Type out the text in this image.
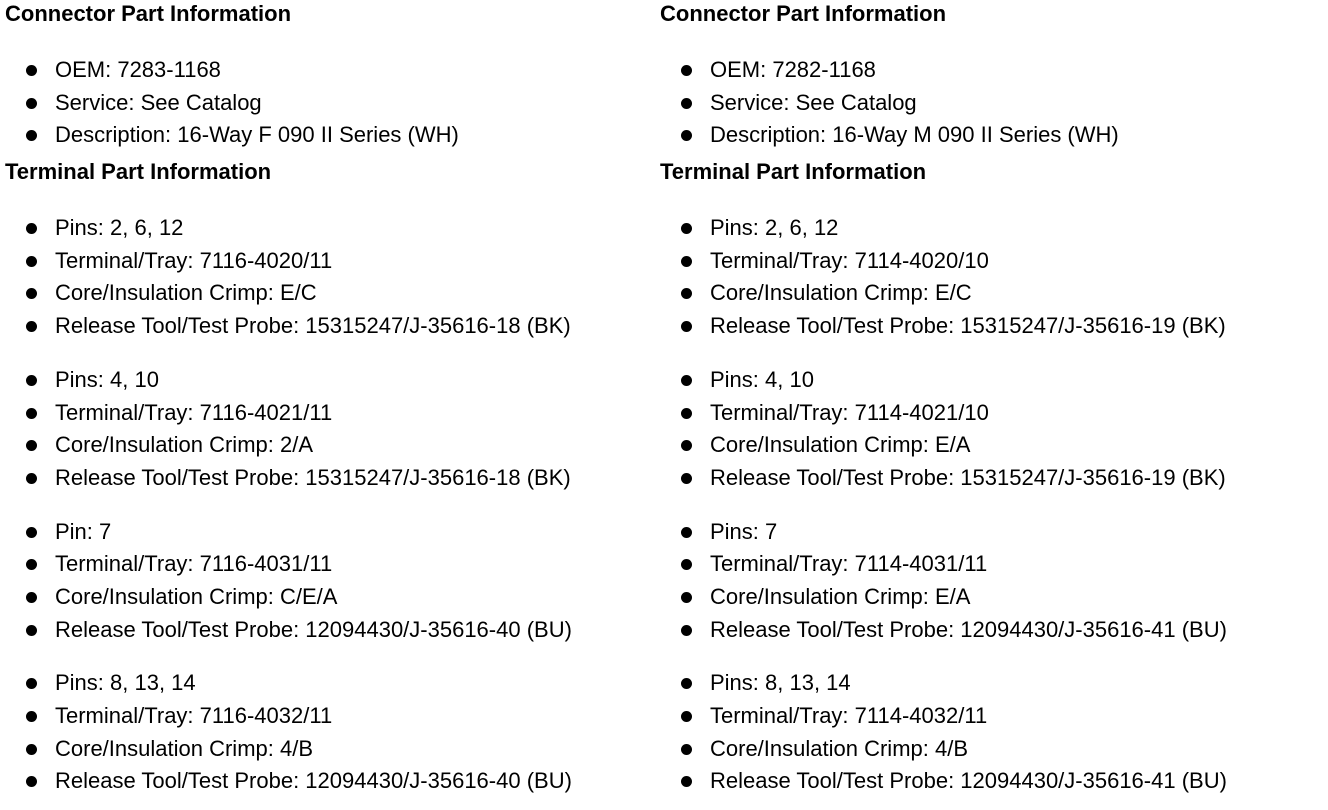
Connector Part Information
OEM: 7283-1168
Service: See Catalog
Description: 16-Way F 090 II Series (WH)
Terminal Part Information
Pins: 2, 6, 12
Terminal/Tray: 7116-4020/11
Core/Insulation Crimp: E/C
Release Tool/Test Probe: 15315247/J-35616-18 (BK)
Pins: 4, 10
Terminal/Tray: 7116-4021/11
Core/Insulation Crimp: 2/A
Release Tool/Test Probe: 15315247/J-35616-18 (BK)
Pin: 7
Terminal/Tray: 7116-4031/11
Core/Insulation Crimp: C/E/A
Release Tool/Test Probe: 12094430/J-35616-40 (BU)
Pins: 8, 13, 14
Terminal/Tray: 7116-4032/11
Core/Insulation Crimp: 4/B
Release Tool/Test Probe: 12094430/J-35616-40 (BU)
Connector Part Information
OEM: 7282-1168
Service: See Catalog
Description: 16-Way M 090 II Series (WH)
Terminal Part Information
Pins: 2, 6, 12
Terminal/Tray: 7114-4020/10
Core/Insulation Crimp: E/C
Release Tool/Test Probe: 15315247/J-35616-19 (BK)
Pins: 4, 10
Terminal/Tray: 7114-4021/10
Core/Insulation Crimp: E/A
Release Tool/Test Probe: 15315247/J-35616-19 (BK)
Pins: 7
Terminal/Tray: 7114-4031/11
Core/Insulation Crimp: E/A
Release Tool/Test Probe: 12094430/J-35616-41 (BU)
Pins: 8, 13, 14
Terminal/Tray: 7114-4032/11
Core/Insulation Crimp: 4/B
Release Tool/Test Probe: 12094430/J-35616-41 (BU)
